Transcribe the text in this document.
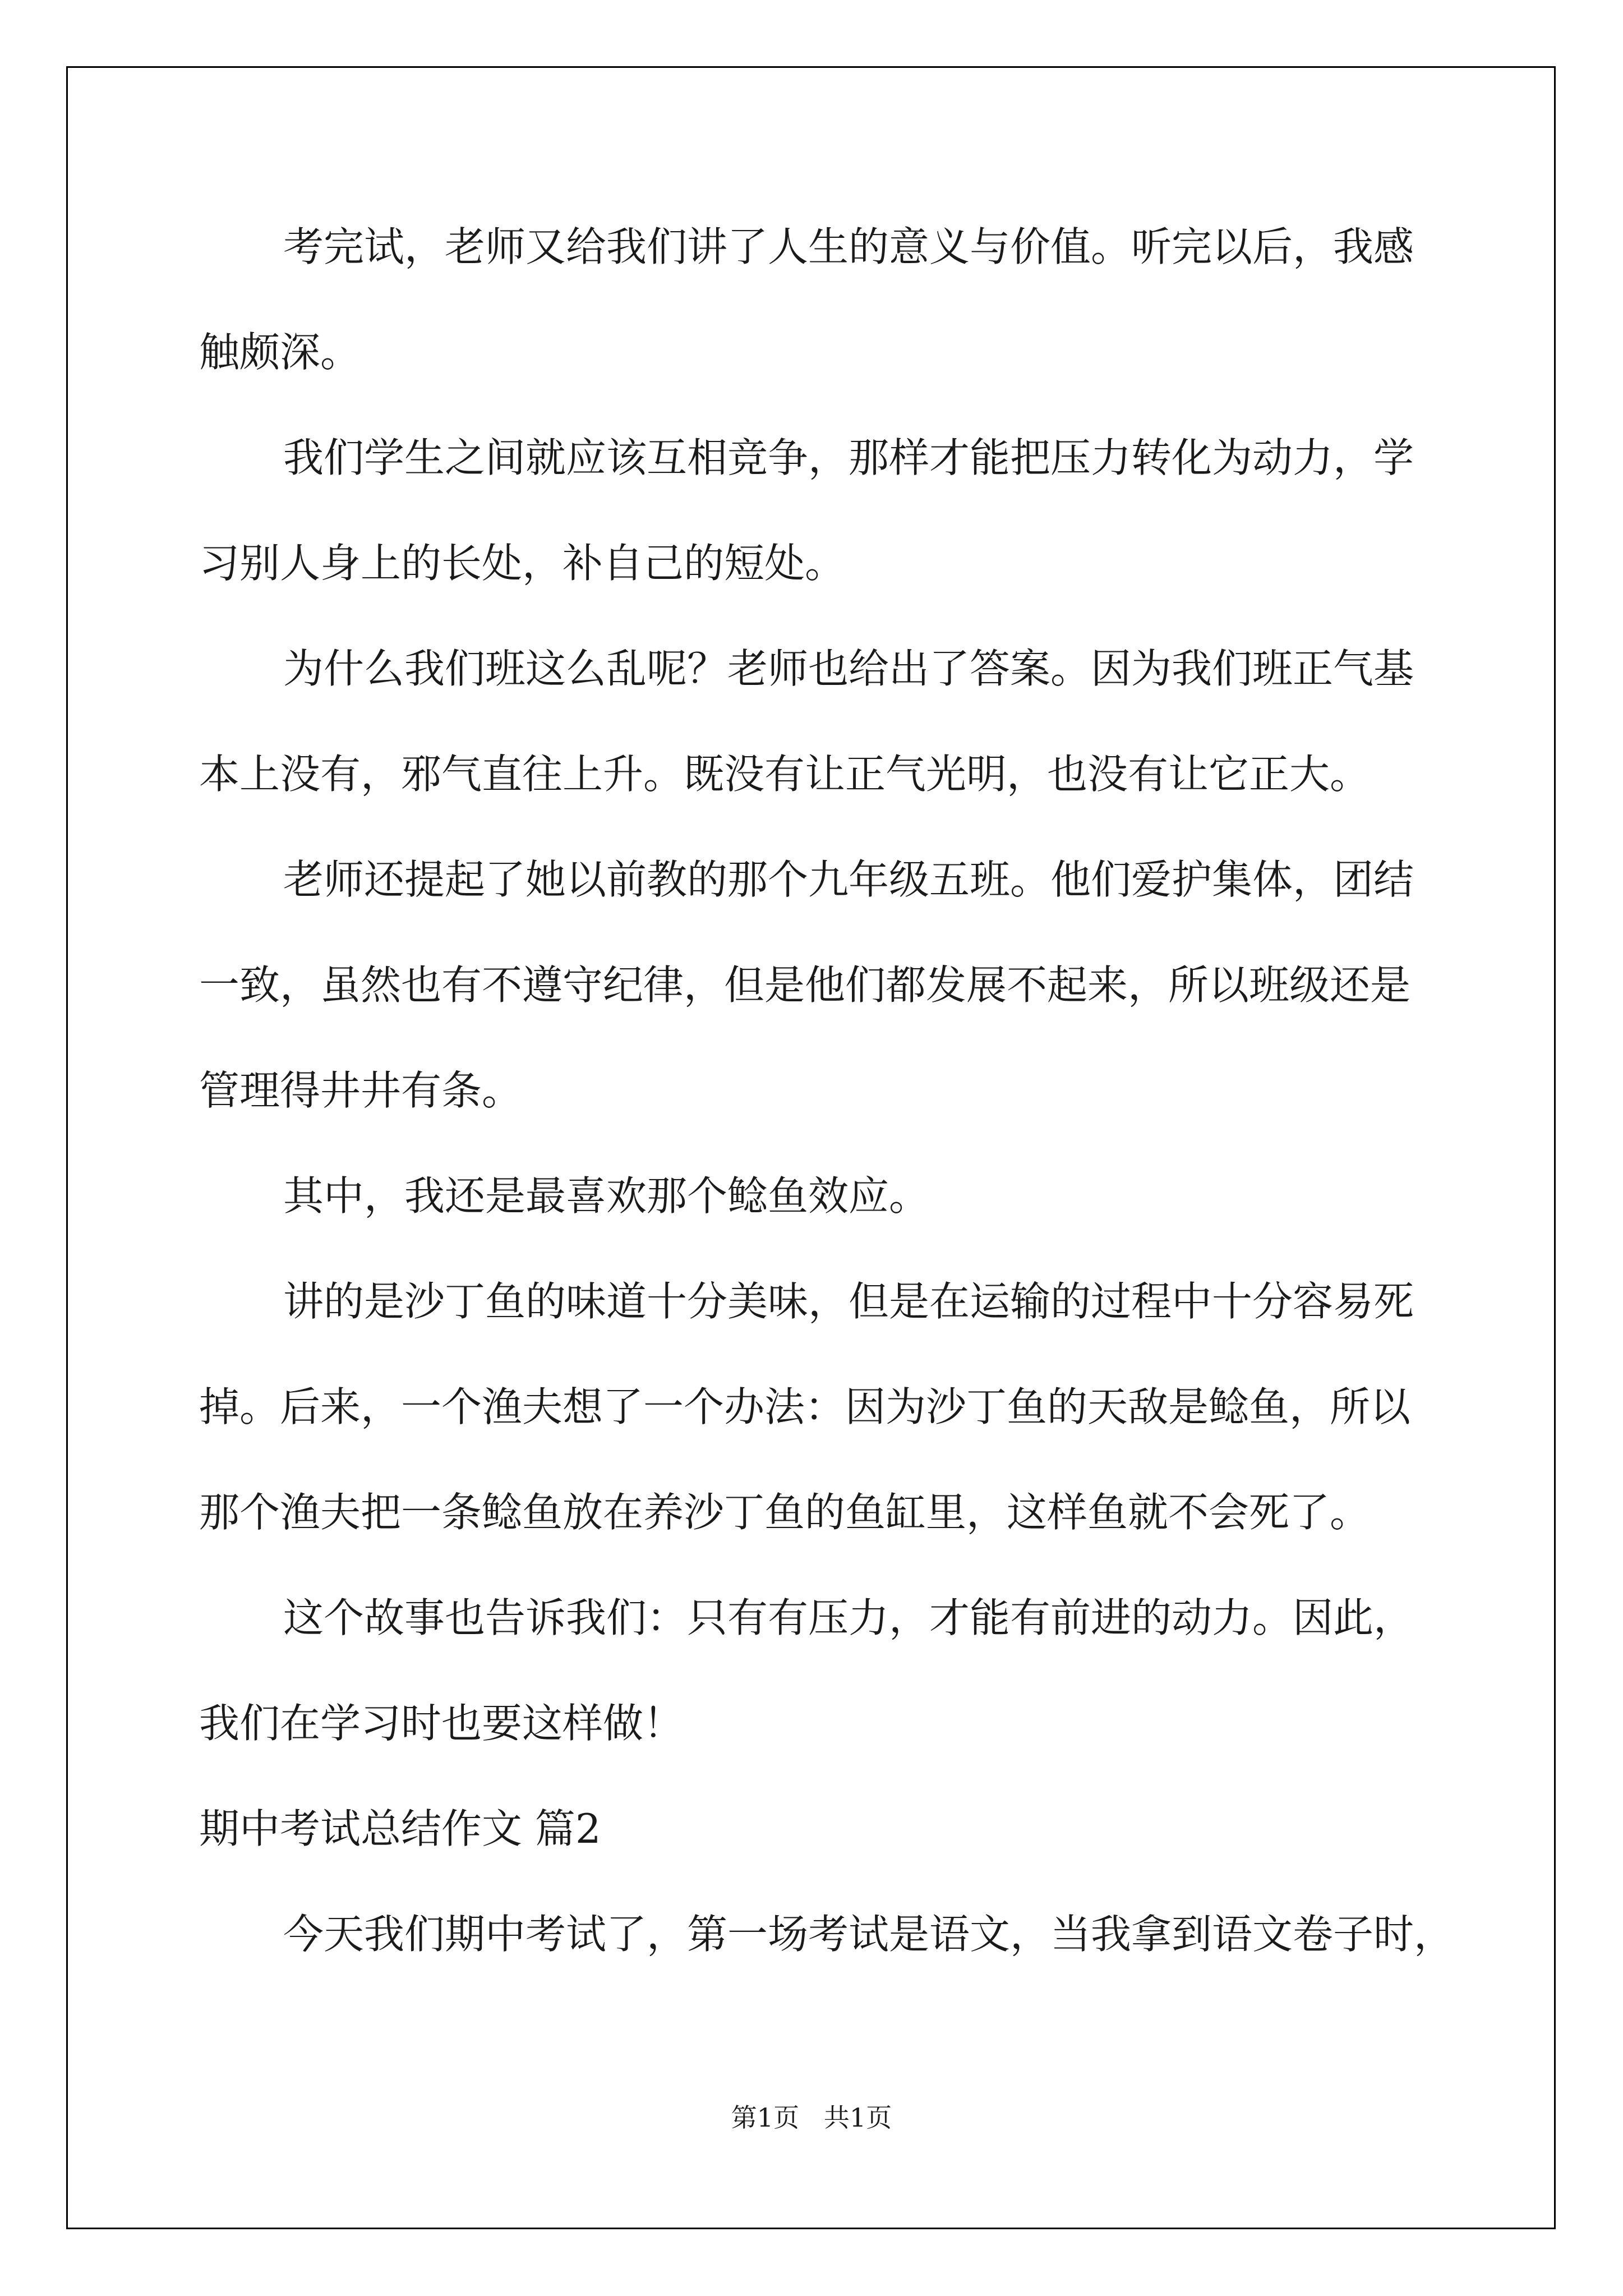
考完试，老师又给我们讲了人生的意义与价值。听完以后，我感
触颇深。
我们学生之间就应该互相竞争，那样才能把压力转化为动力，学
习别人身上的长处，补自己的短处。
为什么我们班这么乱呢？老师也给出了答案。因为我们班正气基
本上没有，邪气直往上升。既没有让正气光明，也没有让它正大。
老师还提起了她以前教的那个九年级五班。他们爱护集体，团结
一致，虽然也有不遵守纪律，但是他们都发展不起来，所以班级还是
管理得井井有条。
其中，我还是最喜欢那个鲶鱼效应。
讲的是沙丁鱼的味道十分美味，但是在运输的过程中十分容易死
掉。后来，一个渔夫想了一个办法：因为沙丁鱼的天敌是鲶鱼，所以
那个渔夫把一条鲶鱼放在养沙丁鱼的鱼缸里，这样鱼就不会死了。
这个故事也告诉我们：只有有压力，才能有前进的动力。因此，
我们在学习时也要这样做！
期中考试总结作文 篇2
今天我们期中考试了，第一场考试是语文，当我拿到语文卷子时，
第1页   共1页
